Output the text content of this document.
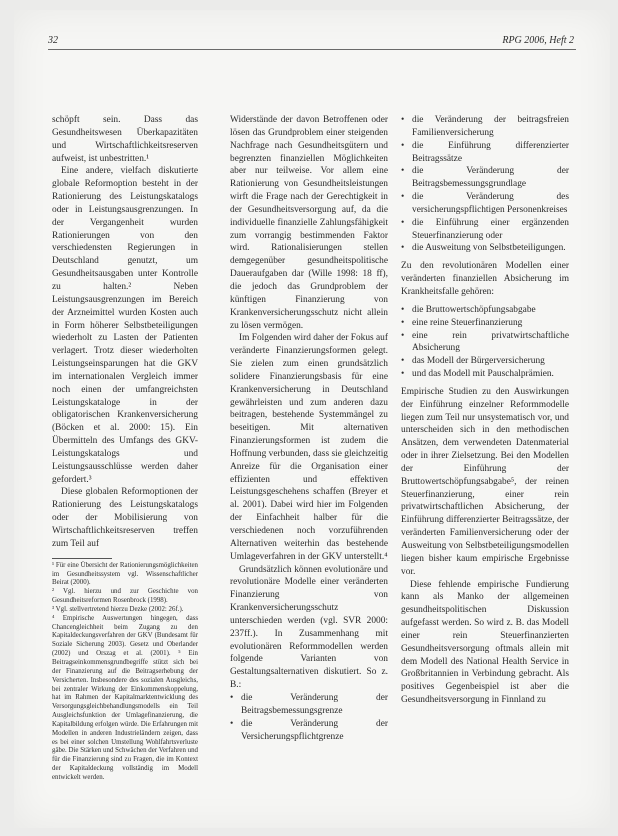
32	RPG 2006, Heft 2

schöpft sein. Dass das Gesundheitswesen Überkapazitäten und Wirtschaftlichkeitsreserven aufweist, ist unbestritten.¹

Eine andere, vielfach diskutierte globale Reformoption besteht in der Rationierung des Leistungskatalogs oder in Leistungsausgrenzungen. In der Vergangenheit wurden Rationierungen von den verschiedensten Regierungen in Deutschland genutzt, um Gesundheitsausgaben unter Kontrolle zu halten.² Neben Leistungsausgrenzungen im Bereich der Arzneimittel wurden Kosten auch in Form höherer Selbstbeteiligungen wiederholt zu Lasten der Patienten verlagert. Trotz dieser wiederholten Leistungseinsparungen hat die GKV im internationalen Vergleich immer noch einen der umfangreichsten Leistungskataloge in der obligatorischen Krankenversicherung (Böcken et al. 2000: 15). Ein Übermitteln des Umfangs des GKV-Leistungskatalogs und Leistungsausschlüsse werden daher gefordert.³

Diese globalen Reformoptionen der Rationierung des Leistungskatalogs oder der Mobilisierung von Wirtschaftlichkeitsreserven treffen zum Teil auf

¹ Für eine Übersicht der Rationierungsmöglichkeiten im Gesundheitssystem vgl. Wissenschaftlicher Beirat (2000).

² Vgl. hierzu und zur Geschichte von Gesundheitsreformen Rosenbrock (1998).

³ Vgl. stellvertretend hierzu Dezke (2002: 26f.).

⁴ Empirische Auswertungen hingegen, dass Chancengleichheit beim Zugang zu den Kapitaldeckungsverfahren der GKV (Bundesamt für Soziale Sicherung 2003). Gesetz und Oberlander (2002) und Orszag et al. (2001). ⁵ Ein Beitragseinkommensgrundbegriffe stützt sich bei der Finanzierung auf die Beitragserhebung der Versicherten. Insbesondere des sozialen Ausgleichs, bei zentraler Wirkung der Einkommenskoppelung, hat im Rahmen der Kapitalmarktentwicklung des Versorgungsgleichbehandlungsmodells ein Teil Ausgleichsfunktion der Umlagefinanzierung, die Kapitalbildung erfolgen würde. Die Erfahrungen mit Modellen in anderen Industrieländern zeigen, dass es bei einer solchen Umstellung Wohlfahrtsverluste gäbe. Die Stärken und Schwächen der Verfahren und für die Finanzierung sind zu Fragen, die im Kontext der Kapitaldeckung vollständig im Modell entwickelt werden.

Widerstände der davon Betroffenen oder lösen das Grundproblem einer steigenden Nachfrage nach Gesundheitsgütern und begrenzten finanziellen Möglichkeiten aber nur teilweise. Vor allem eine Rationierung von Gesundheitsleistungen wirft die Frage nach der Gerechtigkeit in der Gesundheitsversorgung auf, da die individuelle finanzielle Zahlungsfähigkeit zum vorrangig bestimmenden Faktor wird. Rationalisierungen stellen demgegenüber gesundheitspolitische Daueraufgaben dar (Wille 1998: 18 ff), die jedoch das Grundproblem der künftigen Finanzierung von Krankenversicherungsschutz nicht allein zu lösen vermögen.

Im Folgenden wird daher der Fokus auf veränderte Finanzierungsformen gelegt. Sie zielen zum einen grundsätzlich solidere Finanzierungsbasis für eine Krankenversicherung in Deutschland gewährleisten und zum anderen dazu beitragen, bestehende Systemmängel zu beseitigen. Mit alternativen Finanzierungsformen ist zudem die Hoffnung verbunden, dass sie gleichzeitig Anreize für die Organisation einer effizienten und effektiven Leistungsgeschehens schaffen (Breyer et al. 2001). Dabei wird hier im Folgenden der Einfachheit halber für die verschiedenen noch vorzuführenden Alternativen weiterhin das bestehende Umlageverfahren in der GKV unterstellt.⁴

Grundsätzlich können evolutionäre und revolutionäre Modelle einer veränderten Finanzierung von Krankenversicherungsschutz unterschieden werden (vgl. SVR 2000: 237ff.). In Zusammenhang mit evolutionären Reformmodellen werden folgende Varianten von Gestaltungsalternativen diskutiert. So z. B.:

• die Veränderung der Beitragsbemessungsgrenze
• die Veränderung der Versicherungspflichtgrenze
• die Veränderung der beitragsfreien Familienversicherung
• die Einführung differenzierter Beitragssätze
• die Veränderung der Beitragsbemessungsgrundlage
• die Veränderung des versicherungspflichtigen Personenkreises
• die Einführung einer ergänzenden Steuerfinanzierung oder
• die Ausweitung von Selbstbeteiligungen.

Zu den revolutionären Modellen einer veränderten finanziellen Absicherung im Krankheitsfalle gehören:

• die Bruttowertschöpfungsabgabe
• eine reine Steuerfinanzierung
• eine rein privatwirtschaftliche Absicherung
• das Modell der Bürgerversicherung
• und das Modell mit Pauschalprämien.

Empirische Studien zu den Auswirkungen der Einführung einzelner Reformmodelle liegen zum Teil nur unsystematisch vor, und unterscheiden sich in den methodischen Ansätzen, dem verwendeten Datenmaterial oder in ihrer Zielsetzung. Bei den Modellen der Einführung der Bruttowertschöpfungsabgabe⁵, der reinen Steuerfinanzierung, einer rein privatwirtschaftlichen Absicherung, der Einführung differenzierter Beitragssätze, der veränderten Familienversicherung oder der Ausweitung von Selbstbeteiligungsmodellen liegen bisher kaum empirische Ergebnisse vor.

Diese fehlende empirische Fundierung kann als Manko der allgemeinen gesundheitspolitischen Diskussion aufgefasst werden. So wird z. B. das Modell einer rein Steuerfinanzierten Gesundheitsversorgung oftmals allein mit dem Modell des National Health Service in Großbritannien in Verbindung gebracht. Als positives Gegenbeispiel ist aber die Gesundheitsversorgung in Finnland zu
